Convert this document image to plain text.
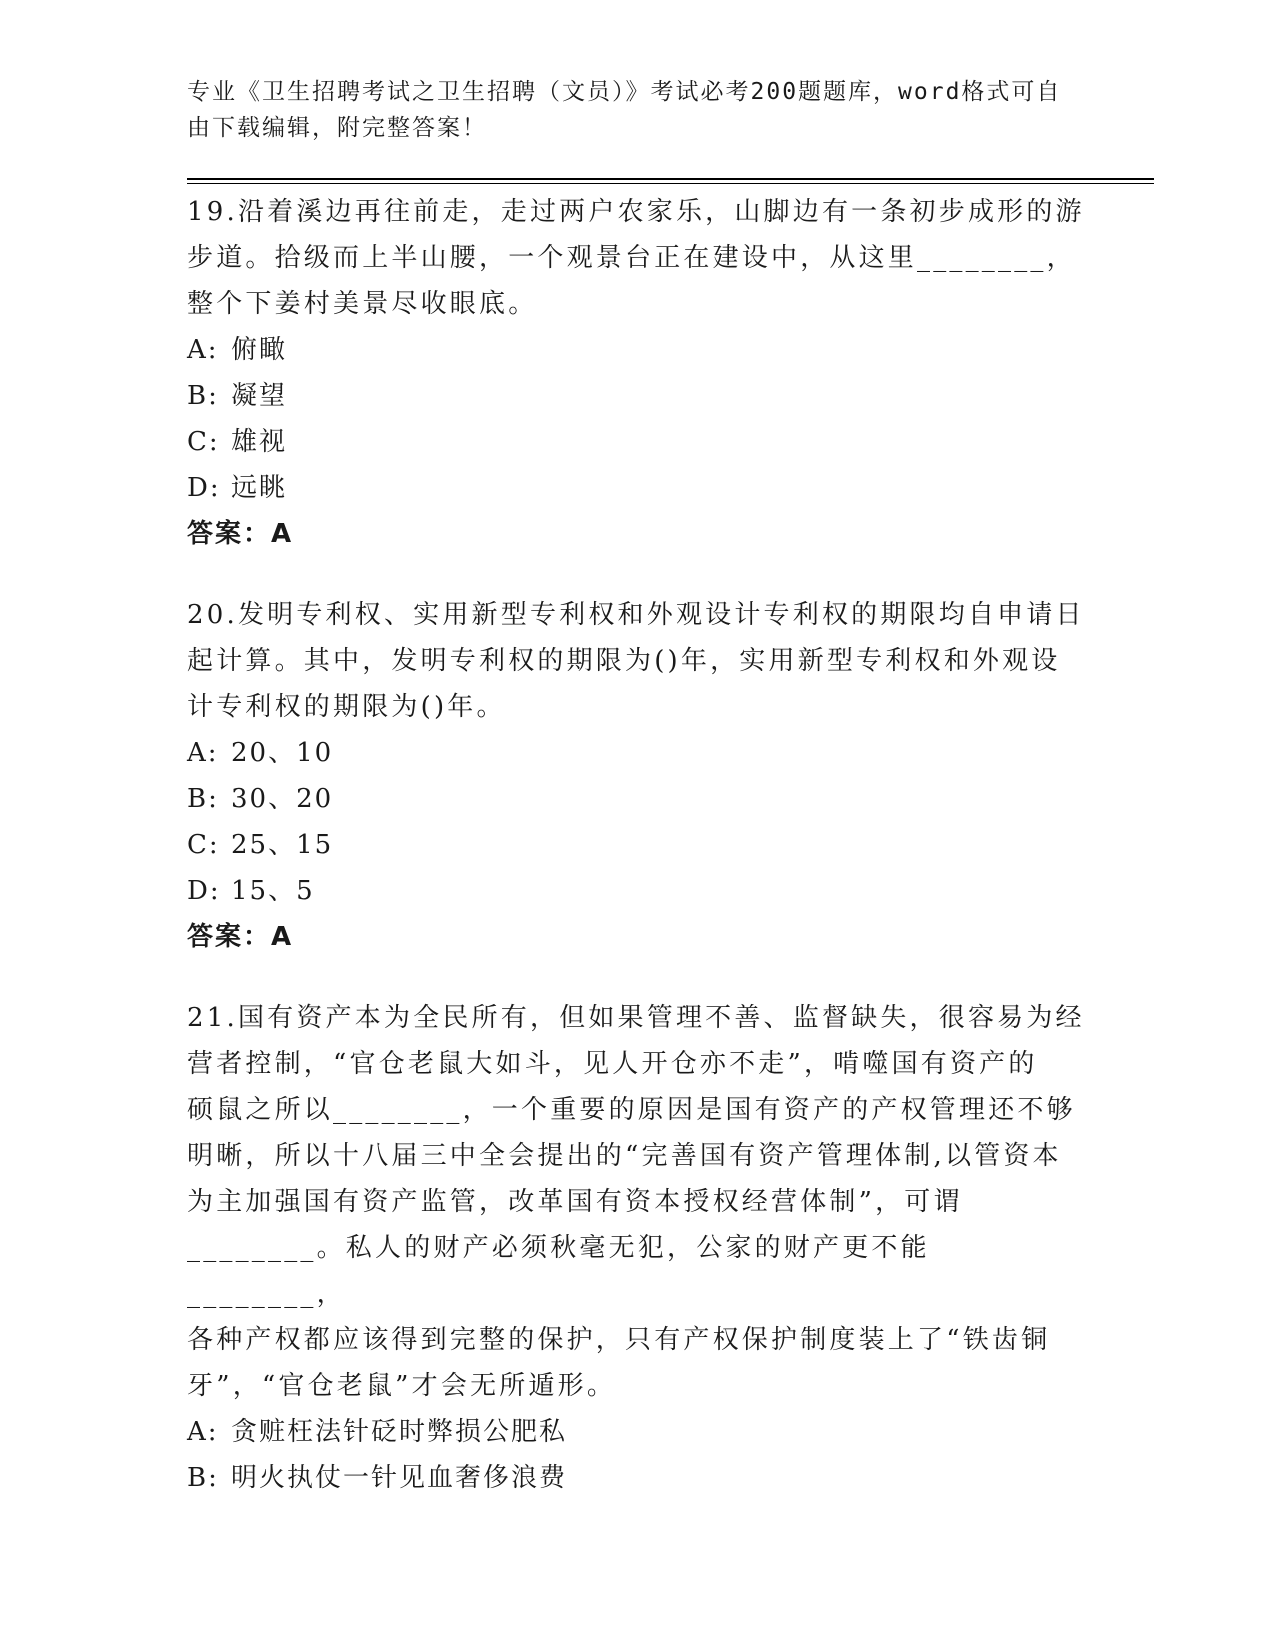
专业《卫生招聘考试之卫生招聘（文员）》考试必考200题题库，word格式可自
由下载编辑，附完整答案！

19.沿着溪边再往前走，走过两户农家乐，山脚边有一条初步成形的游

步道。拾级而上半山腰，一个观景台正在建设中，从这里________，

整个下姜村美景尽收眼底。

A: 俯瞰

B: 凝望

C: 雄视

D: 远眺

答案：A

20.发明专利权、实用新型专利权和外观设计专利权的期限均自申请日

起计算。其中，发明专利权的期限为()年，实用新型专利权和外观设

计专利权的期限为()年。

A: 20、10

B: 30、20

C: 25、15

D: 15、5

答案：A

21.国有资产本为全民所有，但如果管理不善、监督缺失，很容易为经

营者控制，“官仓老鼠大如斗，见人开仓亦不走”，啃噬国有资产的

硕鼠之所以________，一个重要的原因是国有资产的产权管理还不够

明晰，所以十八届三中全会提出的“完善国有资产管理体制,以管资本

为主加强国有资产监管，改革国有资本授权经营体制”，可谓

________。私人的财产必须秋毫无犯，公家的财产更不能________，

各种产权都应该得到完整的保护，只有产权保护制度装上了“铁齿铜

牙”，“官仓老鼠”才会无所遁形。

A: 贪赃枉法针砭时弊损公肥私

B: 明火执仗一针见血奢侈浪费
